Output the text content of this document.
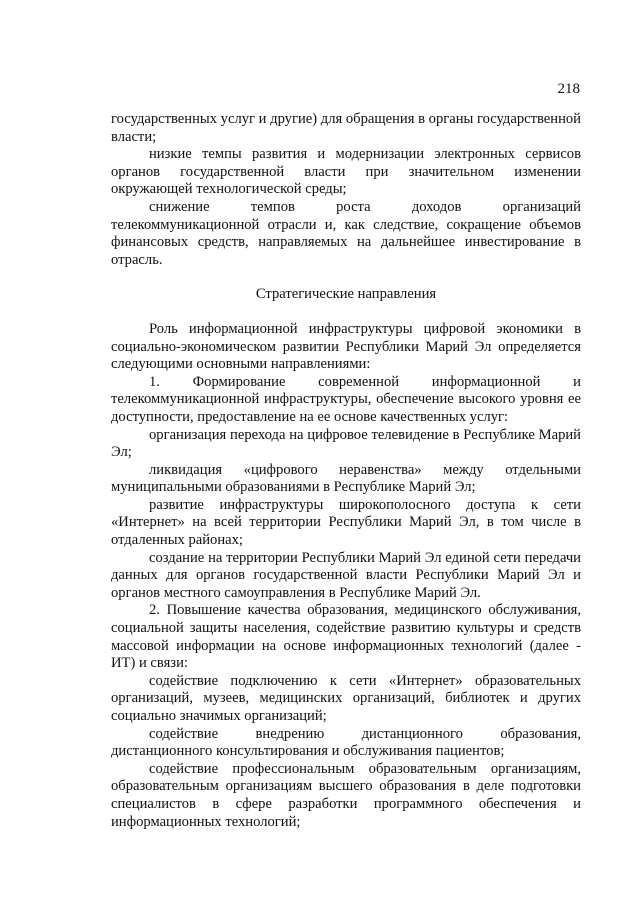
218

государственных услуг и другие) для обращения в органы государственной власти;

низкие темпы развития и модернизации электронных сервисов органов государственной власти при значительном изменении окружающей технологической среды;

снижение темпов роста доходов организаций телекоммуникационной отрасли и, как следствие, сокращение объемов финансовых средств, направляемых на дальнейшее инвестирование в отрасль.

Стратегические направления

Роль информационной инфраструктуры цифровой экономики в социально-экономическом развитии Республики Марий Эл определяется следующими основными направлениями:

1. Формирование современной информационной и телекоммуникационной инфраструктуры, обеспечение высокого уровня ее доступности, предоставление на ее основе качественных услуг:

организация перехода на цифровое телевидение в Республике Марий Эл;

ликвидация «цифрового неравенства» между отдельными муниципальными образованиями в Республике Марий Эл;

развитие инфраструктуры широкополосного доступа к сети «Интернет» на всей территории Республики Марий Эл, в том числе в отдаленных районах;

создание на территории Республики Марий Эл единой сети передачи данных для органов государственной власти Республики Марий Эл и органов местного самоуправления в Республике Марий Эл.

2. Повышение качества образования, медицинского обслуживания, социальной защиты населения, содействие развитию культуры и средств массовой информации на основе информационных технологий (далее - ИТ) и связи:

содействие подключению к сети «Интернет» образовательных организаций, музеев, медицинских организаций, библиотек и других социально значимых организаций;

содействие внедрению дистанционного образования, дистанционного консультирования и обслуживания пациентов;

содействие профессиональным образовательным организациям, образовательным организациям высшего образования в деле подготовки специалистов в сфере разработки программного обеспечения и информационных технологий;
